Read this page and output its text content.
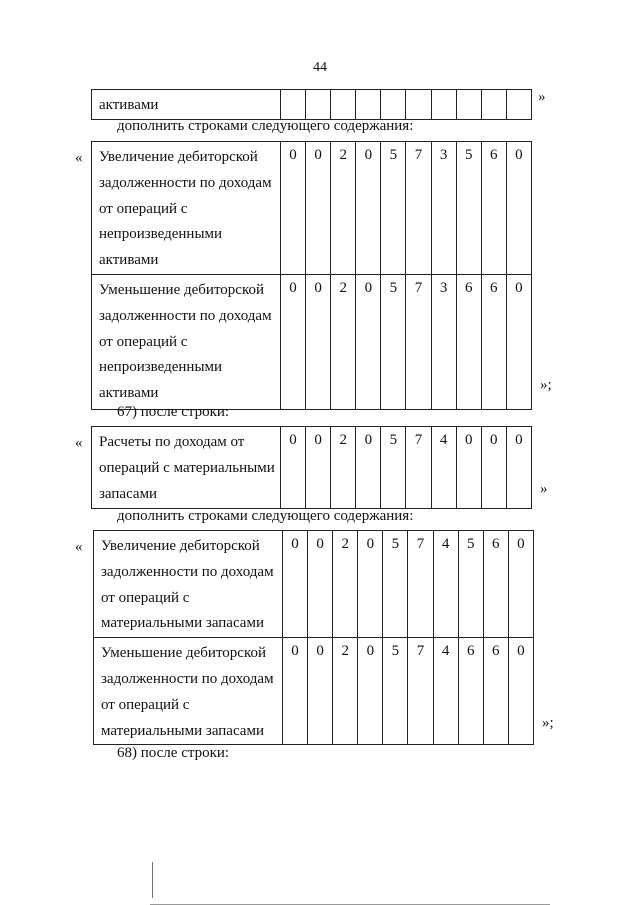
44
активами											»
дополнить строками следующего содержания:
« Увеличение дебиторской задолженности по доходам от операций с непроизведенными активами	0	0	2	0	5	7	3	5	6	0
Уменьшение дебиторской задолженности по доходам от операций с непроизведенными активами	0	0	2	0	5	7	3	6	6	0
»;
67) после строки:
« Расчеты по доходам от операций с материальными запасами	0	0	2	0	5	7	4	0	0	0
»
дополнить строками следующего содержания:
« Увеличение дебиторской задолженности по доходам от операций с материальными запасами	0	0	2	0	5	7	4	5	6	0
Уменьшение дебиторской задолженности по доходам от операций с материальными запасами	0	0	2	0	5	7	4	6	6	0
»;
68) после строки:
